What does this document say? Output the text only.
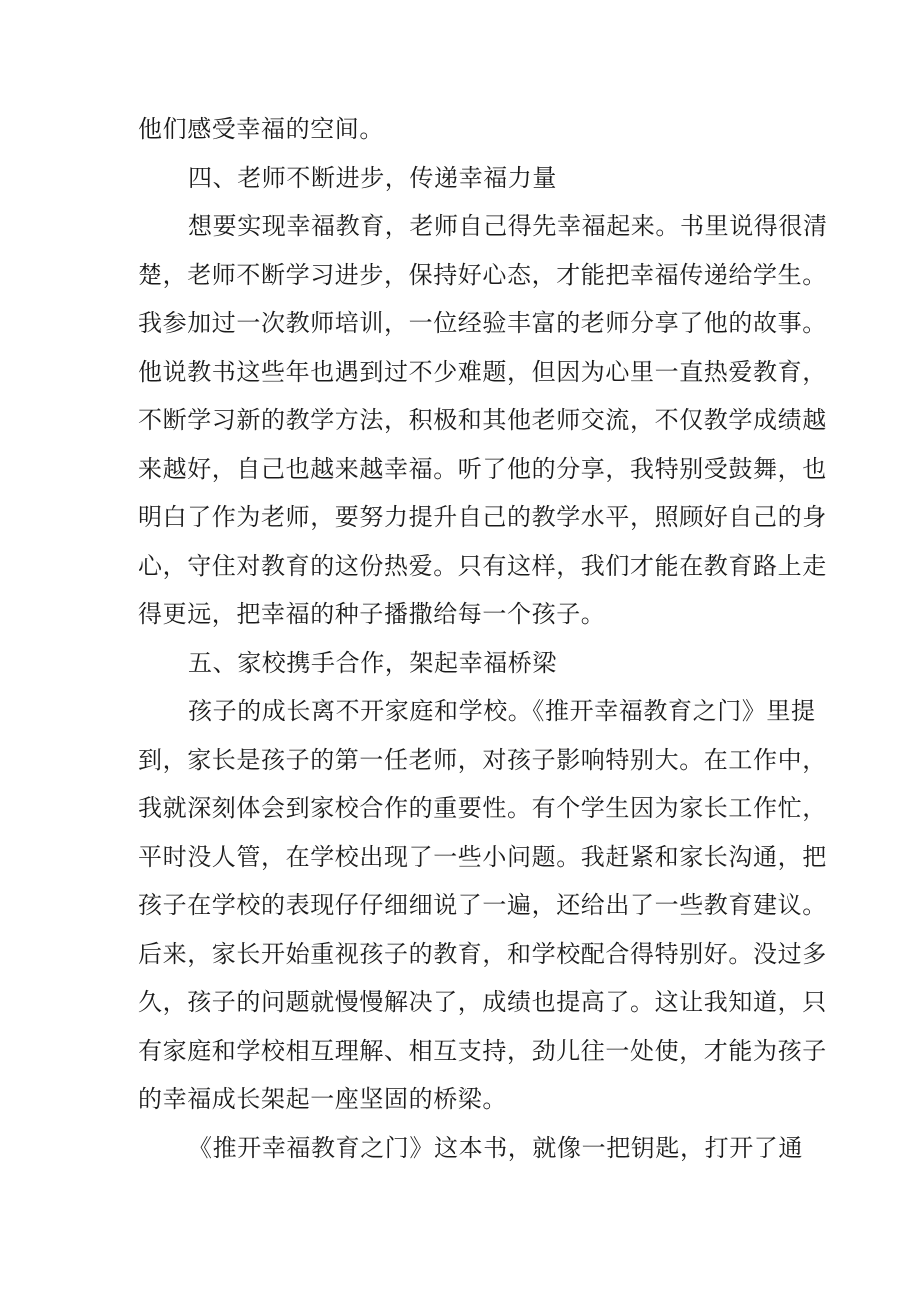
他们感受幸福的空间。
四、老师不断进步，传递幸福力量
想要实现幸福教育，老师自己得先幸福起来。书里说得很清
楚，老师不断学习进步，保持好心态，才能把幸福传递给学生。
我参加过一次教师培训，一位经验丰富的老师分享了他的故事。
他说教书这些年也遇到过不少难题，但因为心里一直热爱教育，
不断学习新的教学方法，积极和其他老师交流，不仅教学成绩越
来越好，自己也越来越幸福。听了他的分享，我特别受鼓舞，也
明白了作为老师，要努力提升自己的教学水平，照顾好自己的身
心，守住对教育的这份热爱。只有这样，我们才能在教育路上走
得更远，把幸福的种子播撒给每一个孩子。
五、家校携手合作，架起幸福桥梁
孩子的成长离不开家庭和学校。《推开幸福教育之门》里提
到，家长是孩子的第一任老师，对孩子影响特别大。在工作中，
我就深刻体会到家校合作的重要性。有个学生因为家长工作忙，
平时没人管，在学校出现了一些小问题。我赶紧和家长沟通，把
孩子在学校的表现仔仔细细说了一遍，还给出了一些教育建议。
后来，家长开始重视孩子的教育，和学校配合得特别好。没过多
久，孩子的问题就慢慢解决了，成绩也提高了。这让我知道，只
有家庭和学校相互理解、相互支持，劲儿往一处使，才能为孩子
的幸福成长架起一座坚固的桥梁。
《推开幸福教育之门》这本书，就像一把钥匙，打开了通
